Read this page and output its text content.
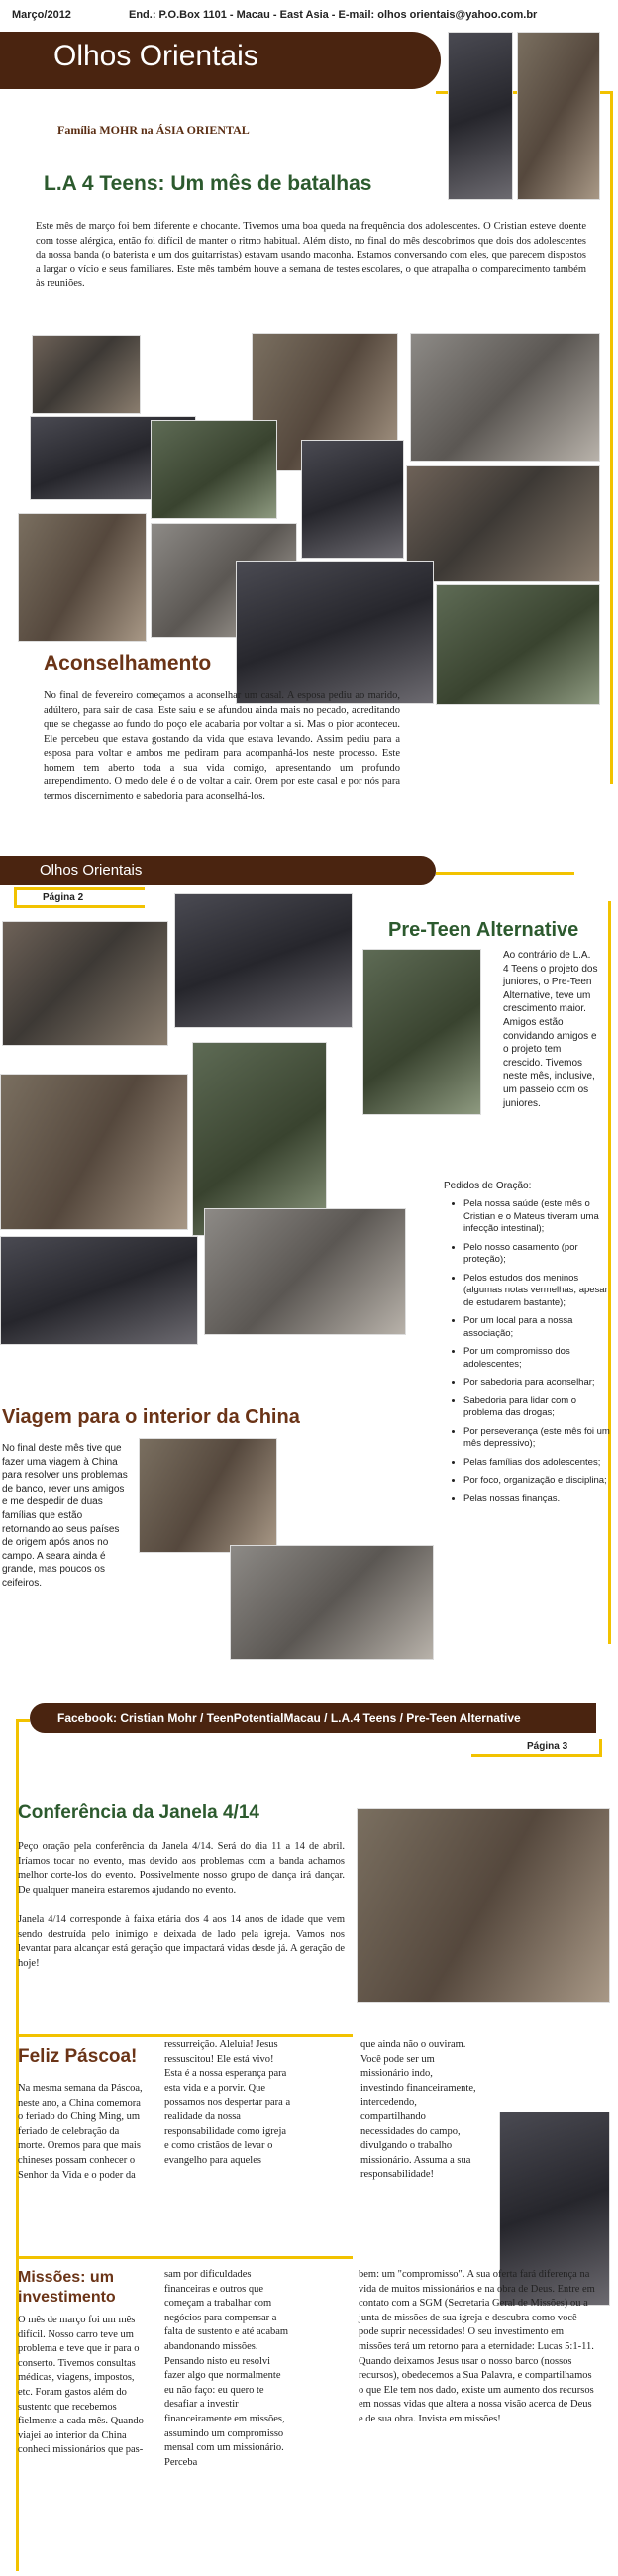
Março/2012	End.: P.O.Box 1101 - Macau - East Asia - E-mail: olhos orientais@yahoo.com.br
Olhos Orientais
Família MOHR na ÁSIA ORIENTAL
L.A 4 Teens: Um mês de batalhas
Este mês de março foi bem diferente e chocante. Tivemos uma boa queda na frequência dos adolescentes. O Cristian esteve doente com tosse alérgica, então foi difícil de manter o ritmo habitual. Além disto, no final do mês descobrimos que dois dos adolescentes da nossa banda (o baterista e um dos guitarristas) estavam usando maconha. Estamos conversando com eles, que parecem dispostos a largar o vício e seus familiares. Este mês também houve a semana de testes escolares, o que atrapalha o comparecimento também às reuniões.
Aconselhamento
No final de fevereiro começamos a aconselhar um casal. A esposa pediu ao marido, adúltero, para sair de casa. Este saiu e se afundou ainda mais no pecado, acreditando que se chegasse ao fundo do poço ele acabaria por voltar a si. Mas o pior aconteceu. Ele percebeu que estava gostando da vida que estava levando. Assim pediu para a esposa para voltar e ambos me pediram para acompanhá-los neste processo. Este homem tem aberto toda a sua vida comigo, apresentando um profundo arrependimento. O medo dele é o de voltar a cair. Orem por este casal e por nós para termos discernimento e sabedoria para aconselhá-los.
Olhos Orientais
Página 2
Pre-Teen Alternative
Ao contrário de L.A. 4 Teens o projeto dos juniores, o Pre-Teen Alternative, teve um crescimento maior. Amigos estão convidando amigos e o projeto tem crescido. Tivemos neste mês, inclusive, um passeio com os juniores.
Pedidos de Oração:
• Pela nossa saúde (este mês o Cristian e o Mateus tiveram uma infecção intestinal);
• Pelo nosso casamento (por proteção);
• Pelos estudos dos meninos (algumas notas vermelhas, apesar de estudarem bastante);
• Por um local para a nossa associação;
• Por um compromisso dos adolescentes;
• Por sabedoria para aconselhar;
• Sabedoria para lidar com o problema das drogas;
• Por perseverança (este mês foi um mês depressivo);
• Pelas famílias dos adolescentes;
• Por foco, organização e disciplina;
• Pelas nossas finanças.
Viagem para o interior da China
No final deste mês tive que fazer uma viagem à China para resolver uns problemas de banco, rever uns amigos e me despedir de duas famílias que estão retornando ao seus países de origem após anos no campo. A seara ainda é grande, mas poucos os ceifeiros.
Facebook: Cristian Mohr / TeenPotentialMacau / L.A.4 Teens / Pre-Teen Alternative
Página 3
Conferência da Janela 4/14
Peço oração pela conferência da Janela 4/14. Será do dia 11 a 14 de abril. Iríamos tocar no evento, mas devido aos problemas com a banda achamos melhor corte-los do evento. Possivelmente nosso grupo de dança irá dançar. De qualquer maneira estaremos ajudando no evento.
Janela 4/14 corresponde à faixa etária dos 4 aos 14 anos de idade que vem sendo destruída pelo inimigo e deixada de lado pela igreja. Vamos nos levantar para alcançar está geração que impactará vidas desde já. A geração de hoje!
Feliz Páscoa!
Na mesma semana da Páscoa, neste ano, a China comemora o feriado do Ching Ming, um feriado de celebração da morte. Oremos para que mais chineses possam conhecer o Senhor da Vida e o poder da
ressurreição. Aleluia! Jesus ressuscitou! Ele está vivo! Esta é a nossa esperança para esta vida e a porvir. Que possamos nos despertar para a realidade da nossa responsabilidade como igreja e como cristãos de levar o evangelho para aqueles
que ainda não o ouviram. Você pode ser um missionário indo, investindo financeiramente, intercedendo, compartilhando necessidades do campo, divulgando o trabalho missionário. Assuma a sua responsabilidade!
Missões: um investimento
O mês de março foi um mês difícil. Nosso carro teve um problema e teve que ir para o conserto. Tivemos consultas médicas, viagens, impostos, etc. Foram gastos além do sustento que recebemos fielmente a cada mês. Quando viajei ao interior da China conheci missionários que pas-
sam por dificuldades financeiras e outros que começam a trabalhar com negócios para compensar a falta de sustento e até acabam abandonando missões. Pensando nisto eu resolvi fazer algo que normalmente eu não faço: eu quero te desafiar a investir financeiramente em missões, assumindo um compromisso mensal com um missionário. Perceba
bem: um "compromisso". A sua oferta fará diferença na vida de muitos missionários e na obra de Deus. Entre em contato com a SGM (Secretaria Geral de Missões) ou a junta de missões de sua igreja e descubra como você pode suprir necessidades! O seu investimento em missões terá um retorno para a eternidade: Lucas 5:1-11. Quando deixamos Jesus usar o nosso barco (nossos recursos), obedecemos a Sua Palavra, e compartilhamos o que Ele tem nos dado, existe um aumento dos recursos em nossas vidas que altera a nossa visão acerca de Deus e de sua obra. Invista em missões!
